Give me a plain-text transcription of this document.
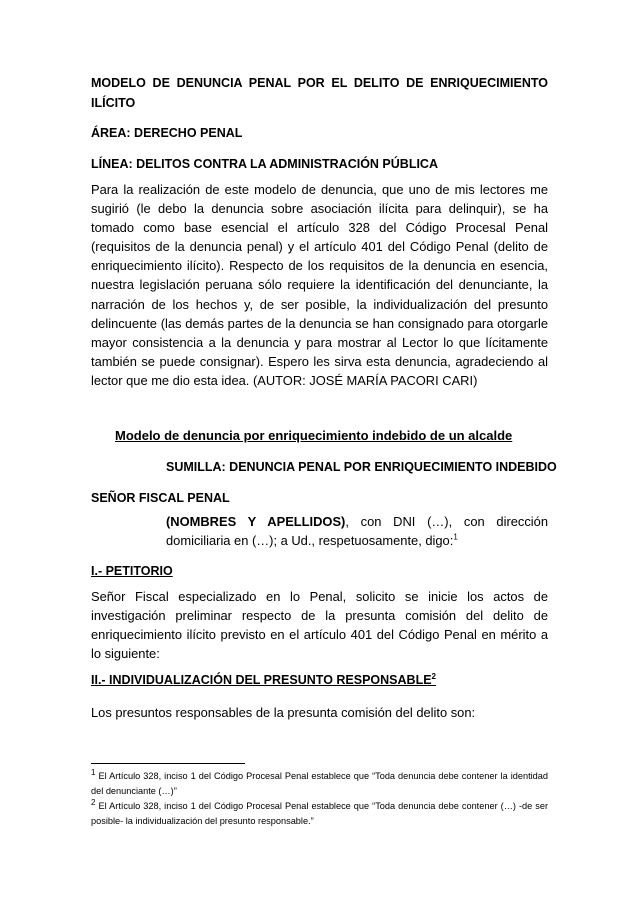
MODELO DE DENUNCIA PENAL POR EL DELITO DE ENRIQUECIMIENTO
ILÍCITO
ÁREA: DERECHO PENAL
LÍNEA: DELITOS CONTRA LA ADMINISTRACIÓN PÚBLICA
Para la realización de este modelo de denuncia, que uno de mis lectores me sugirió (le debo la denuncia sobre asociación ilícita para delinquir), se ha tomado como base esencial el artículo 328 del Código Procesal Penal (requisitos de la denuncia penal) y el artículo 401 del Código Penal (delito de enriquecimiento ilícito). Respecto de los requisitos de la denuncia en esencia, nuestra legislación peruana sólo requiere la identificación del denunciante, la narración de los hechos y, de ser posible, la individualización del presunto delincuente (las demás partes de la denuncia se han consignado para otorgarle mayor consistencia a la denuncia y para mostrar al Lector lo que lícitamente también se puede consignar). Espero les sirva esta denuncia, agradeciendo al lector que me dio esta idea. (AUTOR: JOSÉ MARÍA PACORI CARI)
Modelo de denuncia por enriquecimiento indebido de un alcalde
SUMILLA: DENUNCIA PENAL POR ENRIQUECIMIENTO INDEBIDO
SEÑOR FISCAL PENAL
(NOMBRES Y APELLIDOS), con DNI (…), con dirección domiciliaria en (…); a Ud., respetuosamente, digo:$^1$
I.- PETITORIO
Señor Fiscal especializado en lo Penal, solicito se inicie los actos de investigación preliminar respecto de la presunta comisión del delito de enriquecimiento ilícito previsto en el artículo 401 del Código Penal en mérito a lo siguiente:
II.- INDIVIDUALIZACIÓN DEL PRESUNTO RESPONSABLE$^2$
Los presuntos responsables de la presunta comisión del delito son:
1 El Artículo 328, inciso 1 del Código Procesal Penal establece que “Toda denuncia debe contener la identidad del denunciante (…)”
2 El Artículo 328, inciso 1 del Código Procesal Penal establece que “Toda denuncia debe contener (…) -de ser posible- la individualización del presunto responsable.”
